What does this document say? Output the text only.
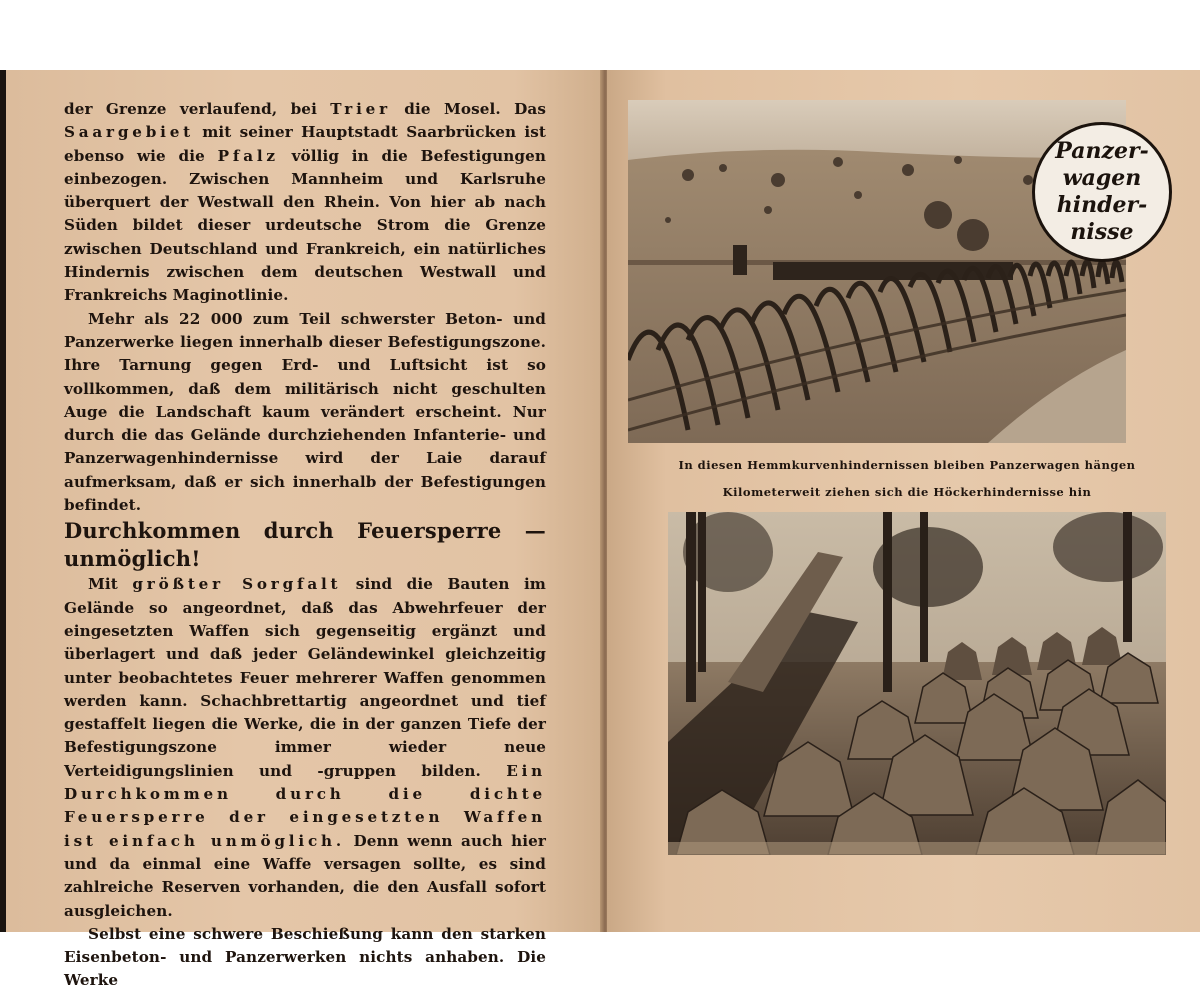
der Grenze verlaufend, bei Trier die Mosel. Das Saargebiet mit seiner Hauptstadt Saarbrücken ist ebenso wie die Pfalz völlig in die Befestigungen einbezogen. Zwischen Mannheim und Karlsruhe überquert der Westwall den Rhein. Von hier ab nach Süden bildet dieser urdeutsche Strom die Grenze zwischen Deutschland und Frankreich, ein natürliches Hindernis zwischen dem deutschen Westwall und Frankreichs Maginotlinie.

Mehr als 22 000 zum Teil schwerster Beton- und Panzerwerke liegen innerhalb dieser Befestigungszone. Ihre Tarnung gegen Erd- und Luftsicht ist so vollkommen, daß dem militärisch nicht geschulten Auge die Landschaft kaum verändert erscheint. Nur durch die das Gelände durchziehenden Infanterie- und Panzerwagenhindernisse wird der Laie darauf aufmerksam, daß er sich innerhalb der Befestigungen befindet.

Durchkommen durch Feuersperre — unmöglich!

Mit größter Sorgfalt sind die Bauten im Gelände so angeordnet, daß das Abwehrfeuer der eingesetzten Waffen sich gegenseitig ergänzt und überlagert und daß jeder Geländewinkel gleichzeitig unter beobachtetes Feuer mehrerer Waffen genommen werden kann. Schachbrettartig angeordnet und tief gestaffelt liegen die Werke, die in der ganzen Tiefe der Befestigungszone immer wieder neue Verteidigungslinien und -gruppen bilden. Ein Durchkommen durch die dichte Feuersperre der eingesetzten Waffen ist einfach unmöglich. Denn wenn auch hier und da einmal eine Waffe versagen sollte, es sind zahlreiche Reserven vorhanden, die den Ausfall sofort ausgleichen.

Selbst eine schwere Beschießung kann den starken Eisenbeton- und Panzerwerken nichts anhaben. Die Werke

Panzer-
wagen
hinder-
nisse
In diesen Hemmkurvenhindernissen bleiben Panzerwagen hängen
Kilometerweit ziehen sich die Höckerhindernisse hin
